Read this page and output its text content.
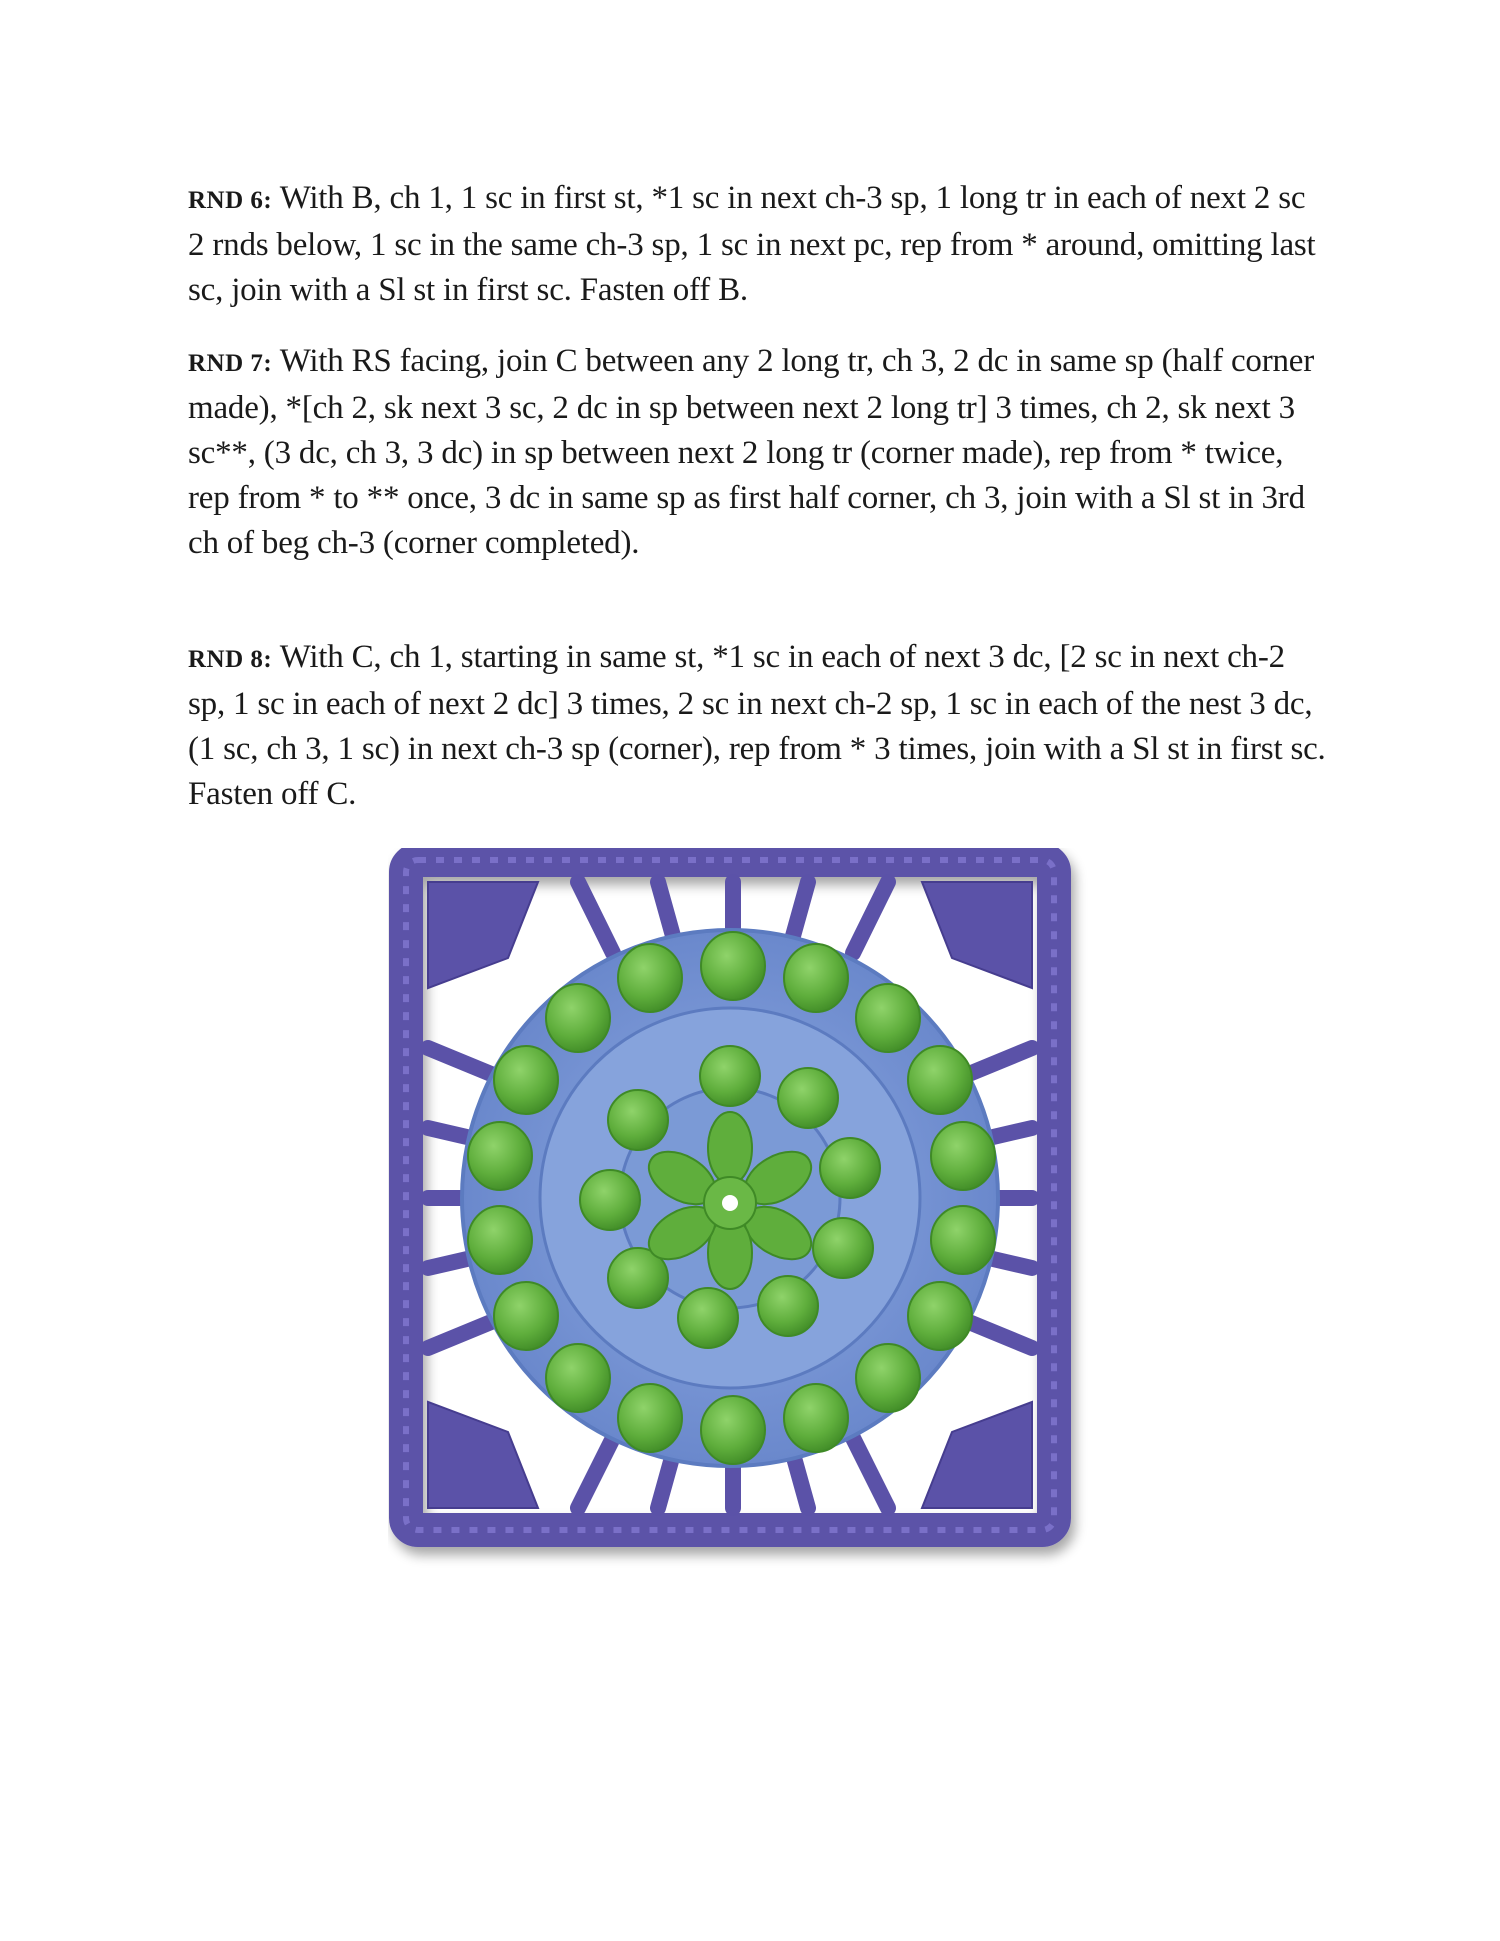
RND 6: With B, ch 1, 1 sc in first st, *1 sc in next ch-3 sp, 1 long tr in each of next 2 sc 2 rnds below, 1 sc in the same ch-3 sp, 1 sc in next pc, rep from * around, omitting last sc, join with a Sl st in first sc. Fasten off B.

RND 7: With RS facing, join C between any 2 long tr, ch 3, 2 dc in same sp (half corner made), *[ch 2, sk next 3 sc, 2 dc in sp between next 2 long tr] 3 times, ch 2, sk next 3 sc**, (3 dc, ch 3, 3 dc) in sp between next 2 long tr (corner made), rep from * twice, rep from * to ** once, 3 dc in same sp as first half corner, ch 3, join with a Sl st in 3rd ch of beg ch-3 (corner completed).

RND 8: With C, ch 1, starting in same st, *1 sc in each of next 3 dc, [2 sc in next ch-2 sp, 1 sc in each of next 2 dc] 3 times, 2 sc in next ch-2 sp, 1 sc in each of the nest 3 dc, (1 sc, ch 3, 1 sc) in next ch-3 sp (corner), rep from * 3 times, join with a Sl st in first sc. Fasten off C.
